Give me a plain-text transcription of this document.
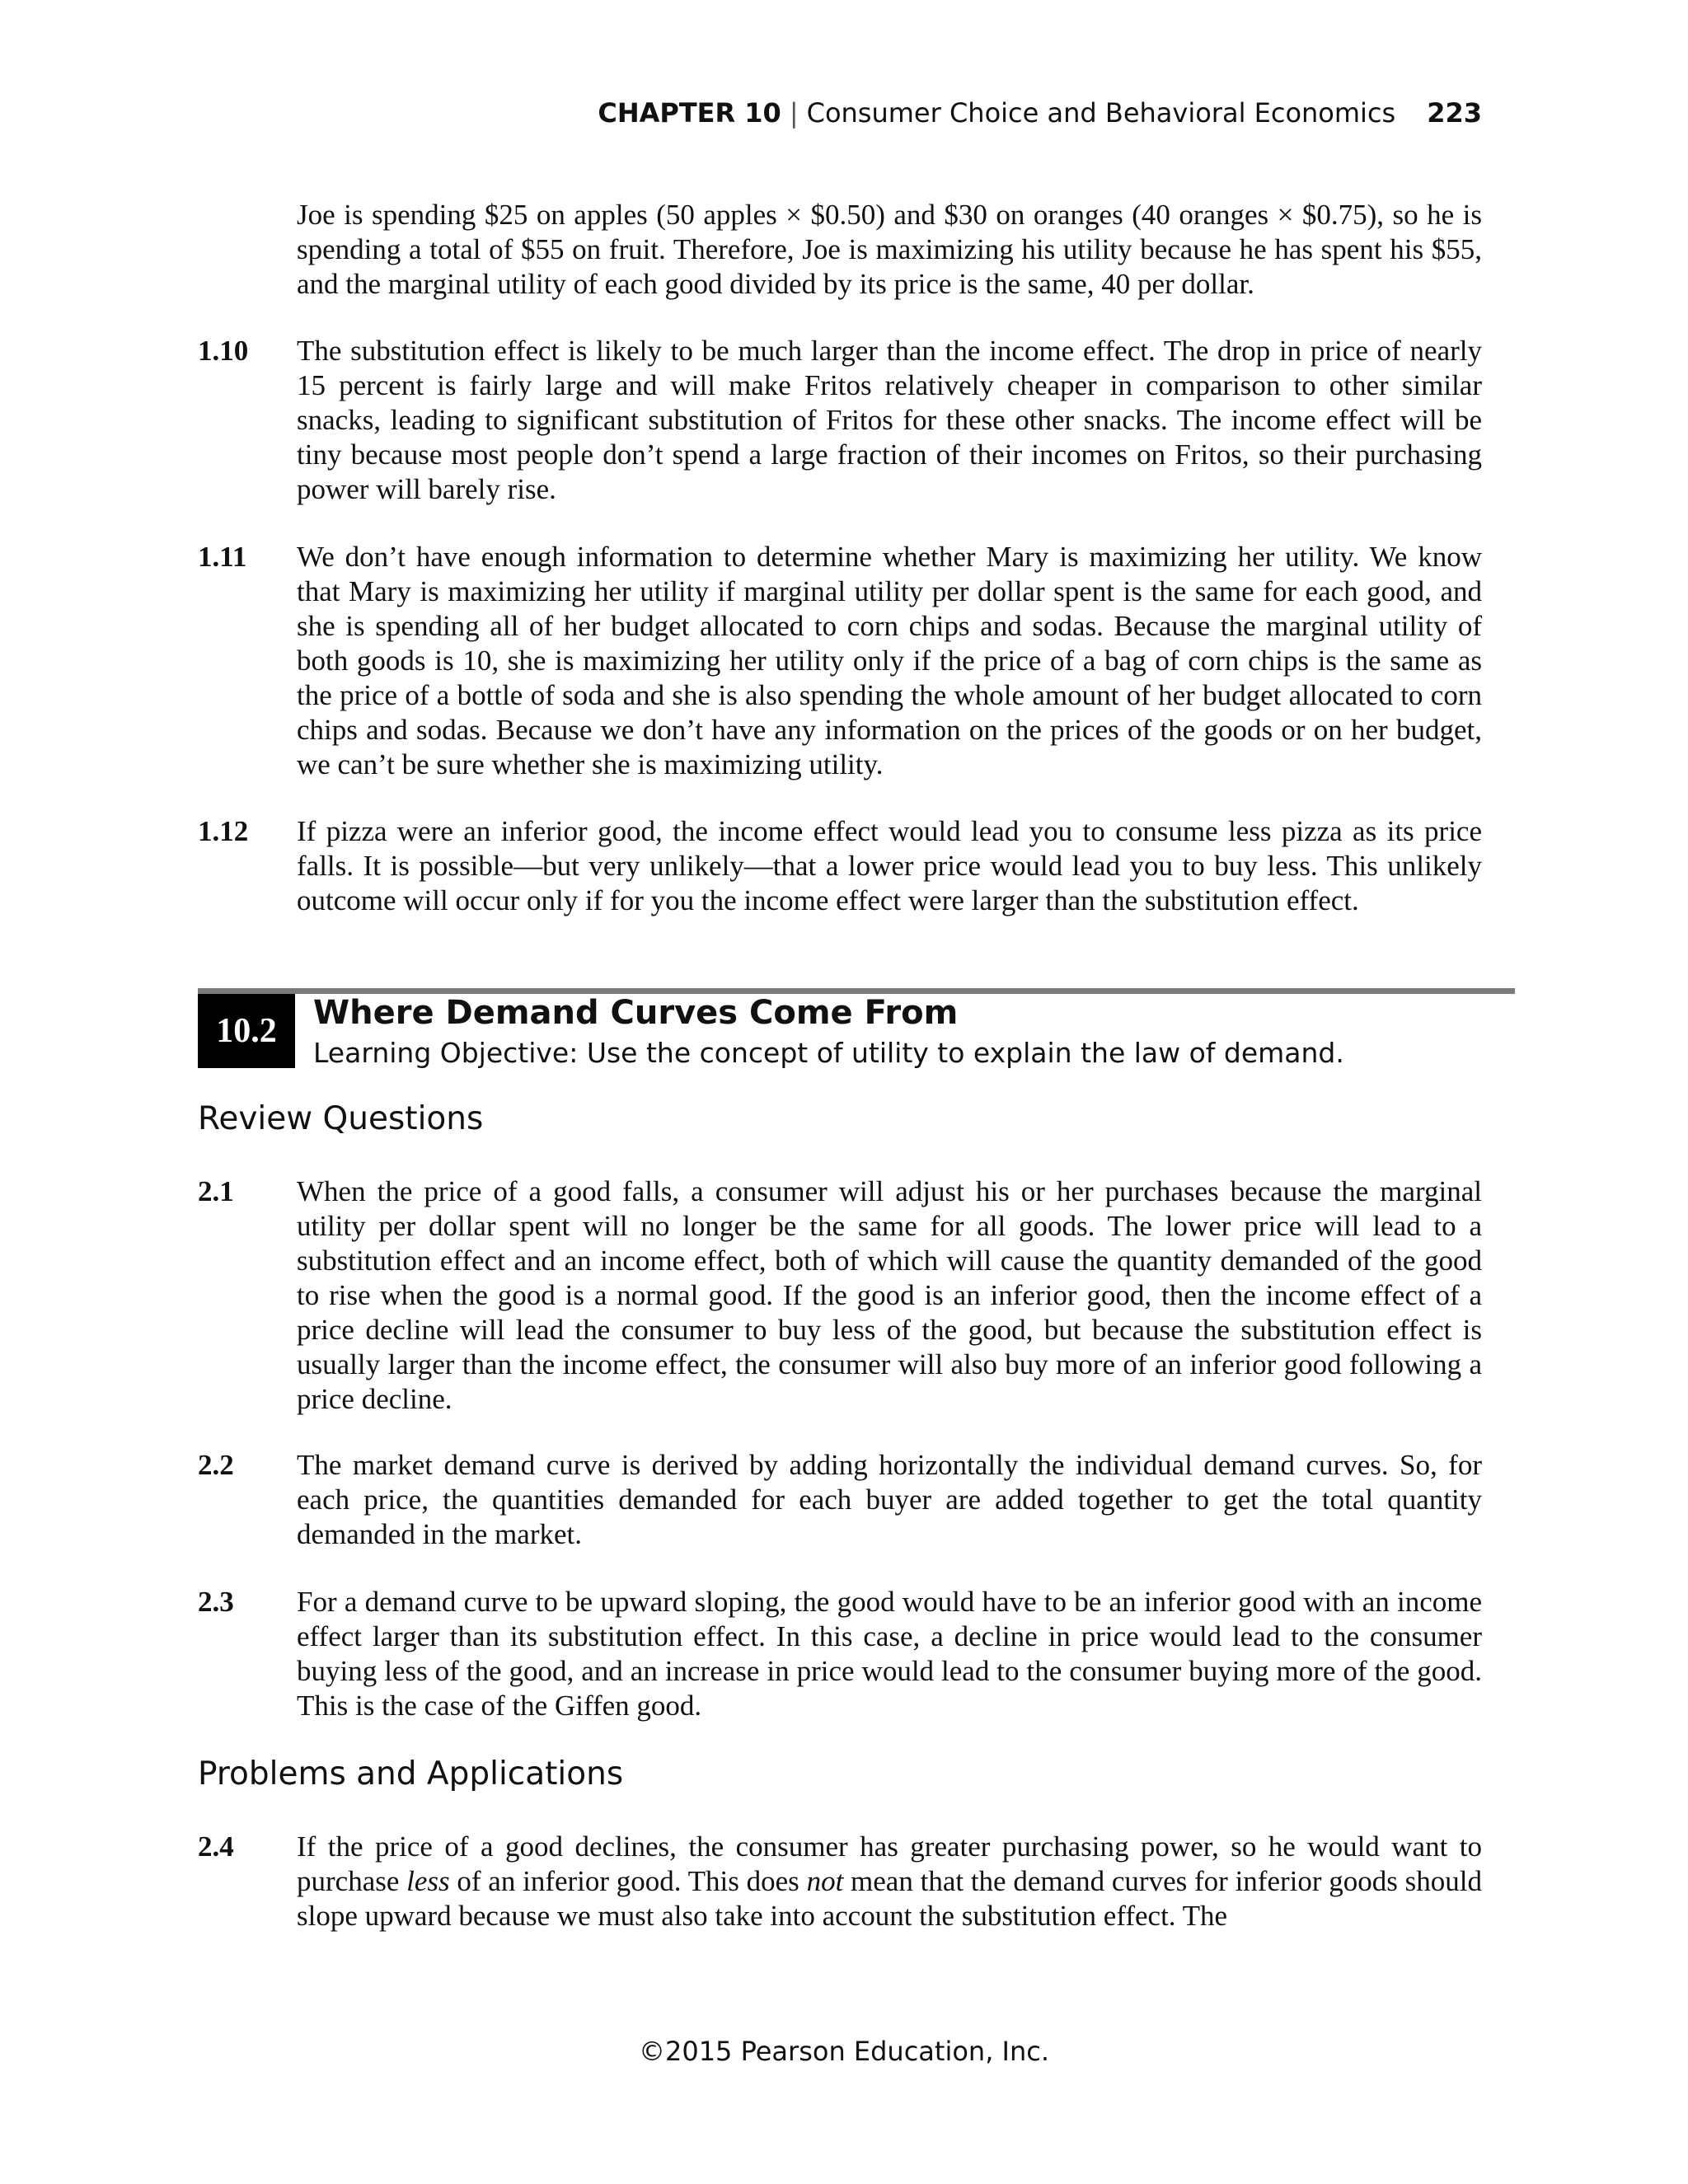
CHAPTER 10 | Consumer Choice and Behavioral Economics 223
Joe is spending $25 on apples (50 apples × $0.50) and $30 on oranges (40 oranges × $0.75), so he is spending a total of $55 on fruit. Therefore, Joe is maximizing his utility because he has spent his $55, and the marginal utility of each good divided by its price is the same, 40 per dollar.
1.10 The substitution effect is likely to be much larger than the income effect. The drop in price of nearly 15 percent is fairly large and will make Fritos relatively cheaper in comparison to other similar snacks, leading to significant substitution of Fritos for these other snacks. The income effect will be tiny because most people don’t spend a large fraction of their incomes on Fritos, so their purchasing power will barely rise.
1.11 We don’t have enough information to determine whether Mary is maximizing her utility. We know that Mary is maximizing her utility if marginal utility per dollar spent is the same for each good, and she is spending all of her budget allocated to corn chips and sodas. Because the marginal utility of both goods is 10, she is maximizing her utility only if the price of a bag of corn chips is the same as the price of a bottle of soda and she is also spending the whole amount of her budget allocated to corn chips and sodas. Because we don’t have any information on the prices of the goods or on her budget, we can’t be sure whether she is maximizing utility.
1.12 If pizza were an inferior good, the income effect would lead you to consume less pizza as its price falls. It is possible—but very unlikely—that a lower price would lead you to buy less. This unlikely outcome will occur only if for you the income effect were larger than the substitution effect.
10.2	Where Demand Curves Come From
Learning Objective: Use the concept of utility to explain the law of demand.
Review Questions
2.1 When the price of a good falls, a consumer will adjust his or her purchases because the marginal utility per dollar spent will no longer be the same for all goods. The lower price will lead to a substitution effect and an income effect, both of which will cause the quantity demanded of the good to rise when the good is a normal good. If the good is an inferior good, then the income effect of a price decline will lead the consumer to buy less of the good, but because the substitution effect is usually larger than the income effect, the consumer will also buy more of an inferior good following a price decline.
2.2 The market demand curve is derived by adding horizontally the individual demand curves. So, for each price, the quantities demanded for each buyer are added together to get the total quantity demanded in the market.
2.3 For a demand curve to be upward sloping, the good would have to be an inferior good with an income effect larger than its substitution effect. In this case, a decline in price would lead to the consumer buying less of the good, and an increase in price would lead to the consumer buying more of the good. This is the case of the Giffen good.
Problems and Applications
2.4 If the price of a good declines, the consumer has greater purchasing power, so he would want to purchase less of an inferior good. This does not mean that the demand curves for inferior goods should slope upward because we must also take into account the substitution effect. The
©2015 Pearson Education, Inc.
